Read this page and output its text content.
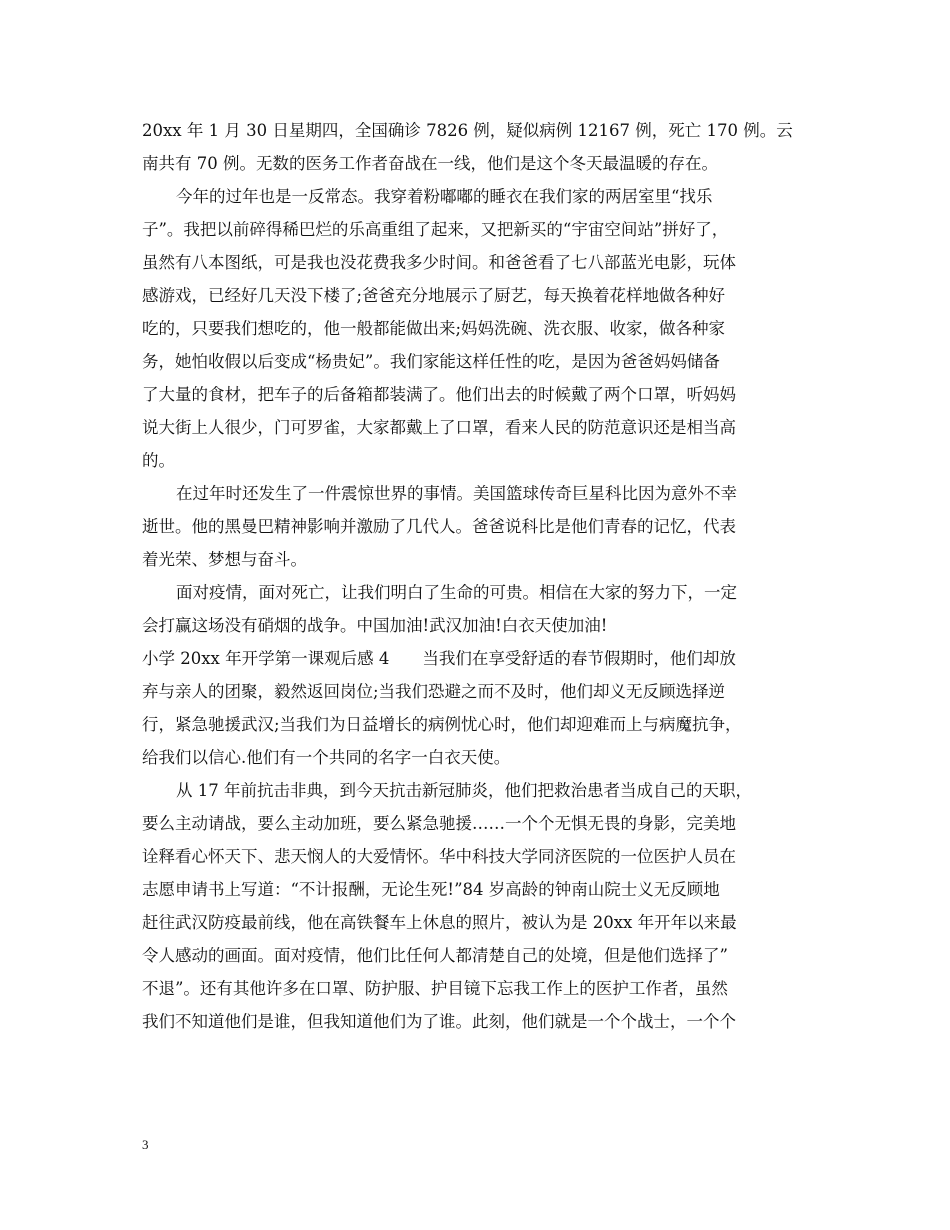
20xx 年 1 月 30 日星期四，全国确诊 7826 例，疑似病例 12167 例，死亡 170 例。云
南共有 70 例。无数的医务工作者奋战在一线，他们是这个冬天最温暖的存在。
今年的过年也是一反常态。我穿着粉嘟嘟的睡衣在我们家的两居室里“找乐
子”。我把以前碎得稀巴烂的乐高重组了起来，又把新买的“宇宙空间站”拼好了，
虽然有八本图纸，可是我也没花费我多少时间。和爸爸看了七八部蓝光电影，玩体
感游戏，已经好几天没下楼了;爸爸充分地展示了厨艺，每天换着花样地做各种好
吃的，只要我们想吃的，他一般都能做出来;妈妈洗碗、洗衣服、收家，做各种家
务，她怕收假以后变成“杨贵妃”。我们家能这样任性的吃，是因为爸爸妈妈储备
了大量的食材，把车子的后备箱都装满了。他们出去的时候戴了两个口罩，听妈妈
说大街上人很少，门可罗雀，大家都戴上了口罩，看来人民的防范意识还是相当高
的。
在过年时还发生了一件震惊世界的事情。美国篮球传奇巨星科比因为意外不幸
逝世。他的黑曼巴精神影响并激励了几代人。爸爸说科比是他们青春的记忆，代表
着光荣、梦想与奋斗。
面对疫情，面对死亡，让我们明白了生命的可贵。相信在大家的努力下，一定
会打赢这场没有硝烟的战争。中国加油!武汉加油!白衣天使加油!
小学 20xx 年开学第一课观后感 4　　当我们在享受舒适的春节假期时，他们却放
弃与亲人的团聚，毅然返回岗位;当我们恐避之而不及时，他们却义无反顾选择逆
行，紧急驰援武汉;当我们为日益增长的病例忧心时，他们却迎难而上与病魔抗争，
给我们以信心.他们有一个共同的名字一白衣天使。
从 17 年前抗击非典，到今天抗击新冠肺炎，他们把救治患者当成自己的天职，
要么主动请战，要么主动加班，要么紧急驰援……一个个无惧无畏的身影，完美地
诠释看心怀天下、悲天悯人的大爱情怀。华中科技大学同济医院的一位医护人员在
志愿申请书上写道：“不计报酬，无论生死!”84 岁高龄的钟南山院士义无反顾地
赶往武汉防疫最前线，他在高铁餐车上休息的照片，被认为是 20xx 年开年以来最
令人感动的画面。面对疫情，他们比任何人都清楚自己的处境，但是他们选择了”
不退”。还有其他许多在口罩、防护服、护目镜下忘我工作上的医护工作者，虽然
我们不知道他们是谁，但我知道他们为了谁。此刻，他们就是一个个战士，一个个
3
